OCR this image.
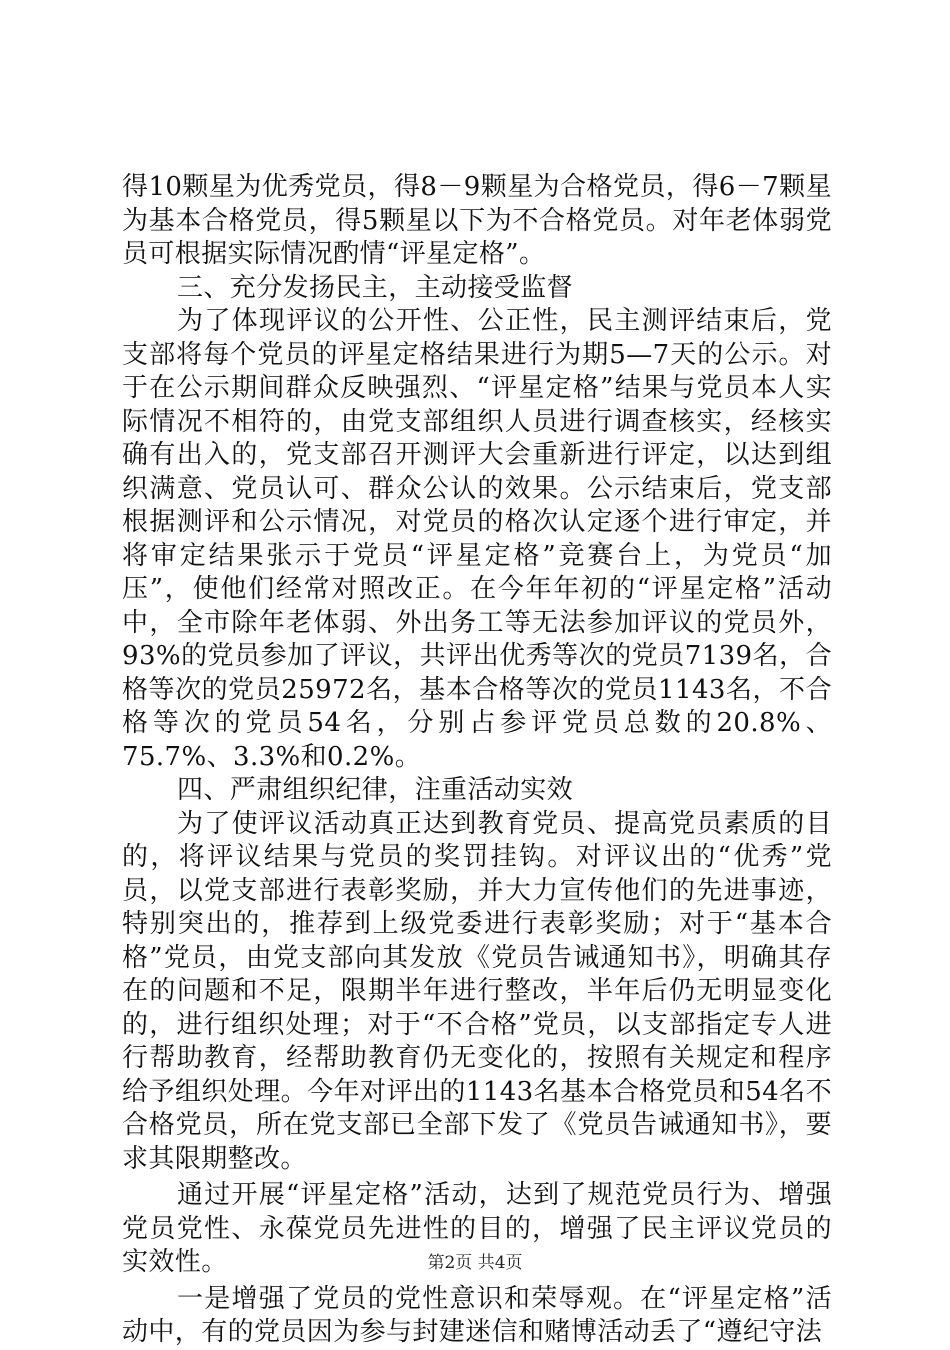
得10颗星为优秀党员，得8－9颗星为合格党员，得6－7颗星为基本合格党员，得5颗星以下为不合格党员。对年老体弱党员可根据实际情况酌情“评星定格”。

三、充分发扬民主，主动接受监督

为了体现评议的公开性、公正性，民主测评结束后，党支部将每个党员的评星定格结果进行为期5—7天的公示。对于在公示期间群众反映强烈、“评星定格”结果与党员本人实际情况不相符的，由党支部组织人员进行调查核实，经核实确有出入的，党支部召开测评大会重新进行评定，以达到组织满意、党员认可、群众公认的效果。公示结束后，党支部根据测评和公示情况，对党员的格次认定逐个进行审定，并将审定结果张示于党员“评星定格”竞赛台上，为党员“加压”，使他们经常对照改正。在今年年初的“评星定格”活动中，全市除年老体弱、外出务工等无法参加评议的党员外，93%的党员参加了评议，共评出优秀等次的党员7139名，合格等次的党员25972名，基本合格等次的党员1143名，不合格等次的党员54名，分别占参评党员总数的20.8%、75.7%、3.3%和0.2%。

四、严肃组织纪律，注重活动实效

为了使评议活动真正达到教育党员、提高党员素质的目的，将评议结果与党员的奖罚挂钩。对评议出的“优秀”党员，以党支部进行表彰奖励，并大力宣传他们的先进事迹，特别突出的，推荐到上级党委进行表彰奖励；对于“基本合格”党员，由党支部向其发放《党员告诫通知书》，明确其存在的问题和不足，限期半年进行整改，半年后仍无明显变化的，进行组织处理；对于“不合格”党员，以支部指定专人进行帮助教育，经帮助教育仍无变化的，按照有关规定和程序给予组织处理。今年对评出的1143名基本合格党员和54名不合格党员，所在党支部已全部下发了《党员告诫通知书》，要求其限期整改。

通过开展“评星定格”活动，达到了规范党员行为、增强党员党性、永葆党员先进性的目的，增强了民主评议党员的实效性。

一是增强了党员的党性意识和荣辱观。在“评星定格”活动中，有的党员因为参与封建迷信和赌博活动丢了“遵纪守法

第2页 共4页
